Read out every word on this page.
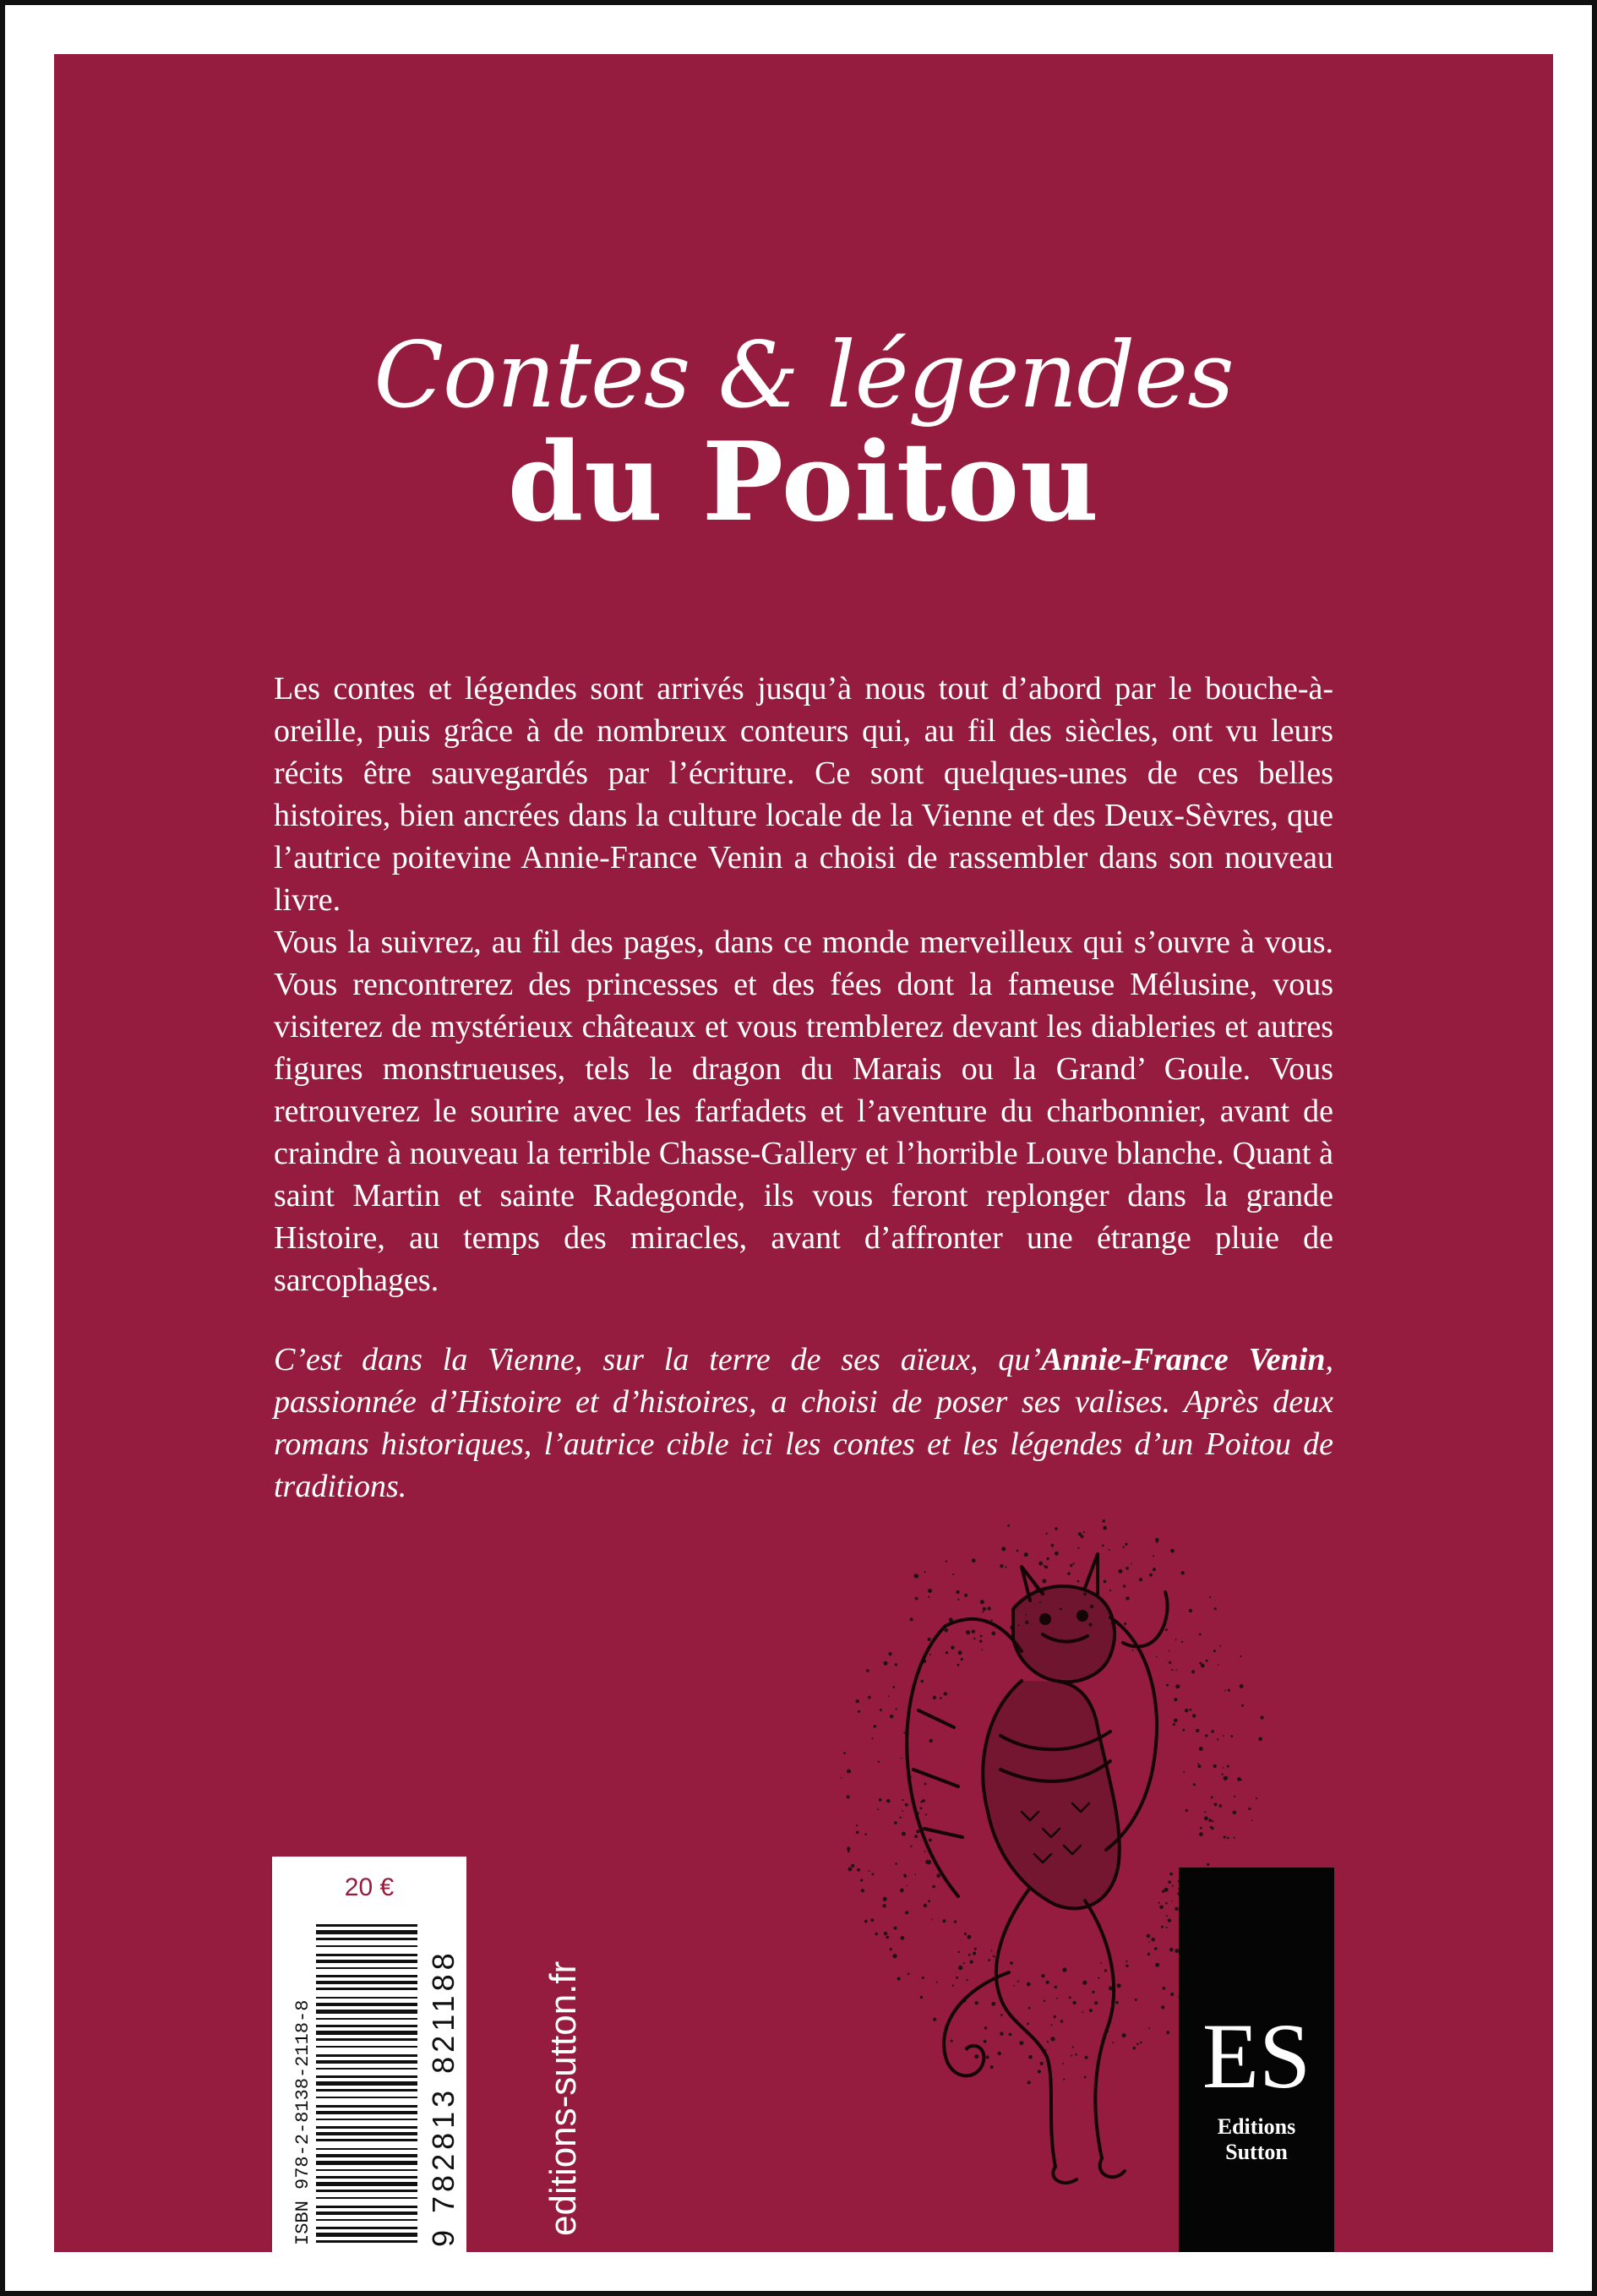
Contes & légendes
du Poitou

Les contes et légendes sont arrivés jusqu’à nous tout d’abord par le bouche-à-oreille, puis grâce à de nombreux conteurs qui, au fil des siècles, ont vu leurs récits être sauvegardés par l’écriture. Ce sont quelques-unes de ces belles histoires, bien ancrées dans la culture locale de la Vienne et des Deux-Sèvres, que l’autrice poitevine Annie-France Venin a choisi de rassembler dans son nouveau livre.

Vous la suivrez, au fil des pages, dans ce monde merveilleux qui s’ouvre à vous. Vous rencontrerez des princesses et des fées dont la fameuse Mélusine, vous visiterez de mystérieux châteaux et vous tremblerez devant les diableries et autres figures monstrueuses, tels le dragon du Marais ou la Grand’ Goule. Vous retrouverez le sourire avec les farfadets et l’aventure du charbonnier, avant de craindre à nouveau la terrible Chasse-Gallery et l’horrible Louve blanche. Quant à saint Martin et sainte Radegonde, ils vous feront replonger dans la grande Histoire, au temps des miracles, avant d’affronter une étrange pluie de sarcophages.

C’est dans la Vienne, sur la terre de ses aïeux, qu’Annie-France Venin, passionnée d’Histoire et d’histoires, a choisi de poser ses valises. Après deux romans historiques, l’autrice cible ici les contes et les légendes d’un Poitou de traditions.

20 €
ISBN 978-2-8138-2118-8	9 782813 821188 editions-sutton.fr	ES
Editions
Sutton
